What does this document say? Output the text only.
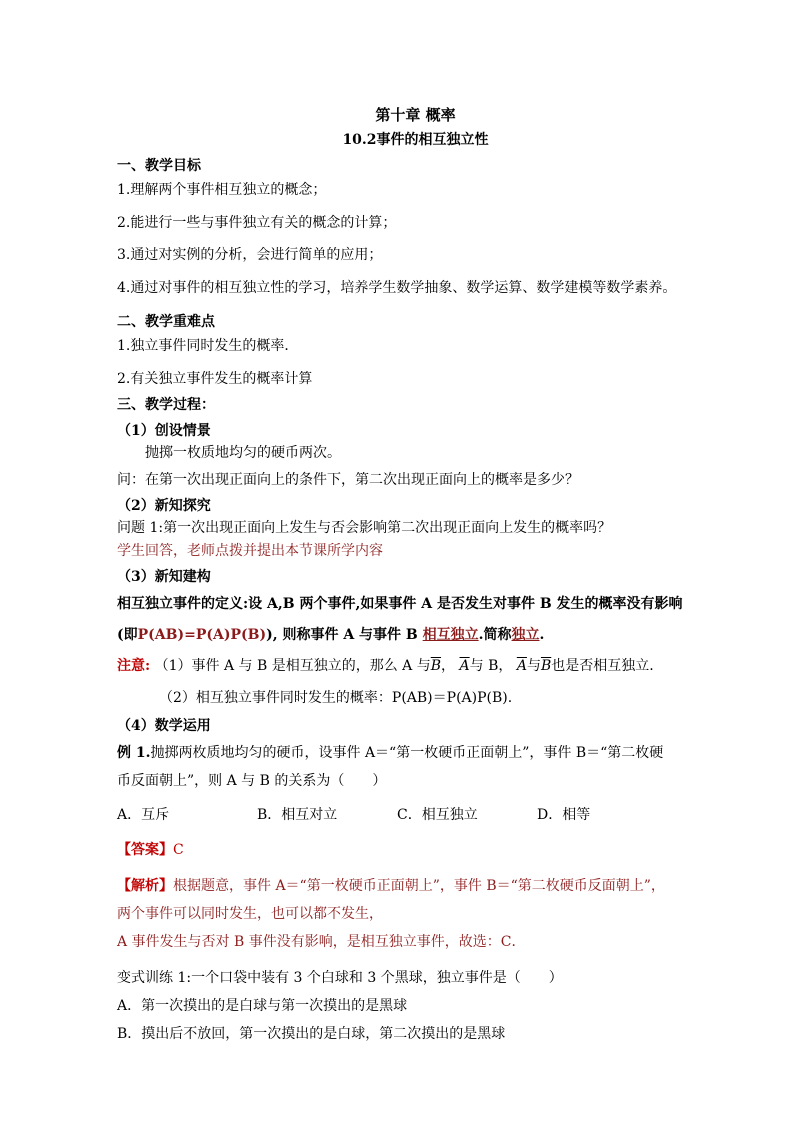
第十章 概率
10.2事件的相互独立性
一、教学目标
1.理解两个事件相互独立的概念；
2.能进行一些与事件独立有关的概念的计算；
3.通过对实例的分析，会进行简单的应用；
4.通过对事件的相互独立性的学习，培养学生数学抽象、数学运算、数学建模等数学素养。
二、教学重难点
1.独立事件同时发生的概率．
2.有关独立事件发生的概率计算
三、教学过程：
（1）创设情景
抛掷一枚质地均匀的硬币两次。
问：在第一次出现正面向上的条件下，第二次出现正面向上的概率是多少？
（2）新知探究
问题 1:第一次出现正面向上发生与否会影响第二次出现正面向上发生的概率吗？
学生回答，老师点拨并提出本节课所学内容
（3）新知建构
相互独立事件的定义:设 A,B 两个事件,如果事件 A 是否发生对事件 B 发生的概率没有影响
(即P(AB)=P(A)P(B)), 则称事件 A 与事件 B 相互独立.简称独立.
注意: （1）事件 A 与 B 是相互独立的，那么 A 与$\overline{B}$， $\overline{A}$与 B， $\overline{A}$与$\overline{B}$也是否相互独立.
（2）相互独立事件同时发生的概率：P(AB)＝P(A)P(B).
（4）数学运用
例 1.抛掷两枚质地均匀的硬币，设事件 A＝“第一枚硬币正面朝上”，事件 B＝“第二枚硬
币反面朝上”，则 A 与 B 的关系为（　　）
A．互斥	B．相互对立	C．相互独立	D．相等
【答案】C
【解析】根据题意，事件 A＝“第一枚硬币正面朝上”，事件 B＝“第二枚硬币反面朝上”，
两个事件可以同时发生，也可以都不发生，
A 事件发生与否对 B 事件没有影响，是相互独立事件，故选：C．
变式训练 1:一个口袋中装有 3 个白球和 3 个黑球，独立事件是（　　）
A．第一次摸出的是白球与第一次摸出的是黑球
B．摸出后不放回，第一次摸出的是白球，第二次摸出的是黑球
